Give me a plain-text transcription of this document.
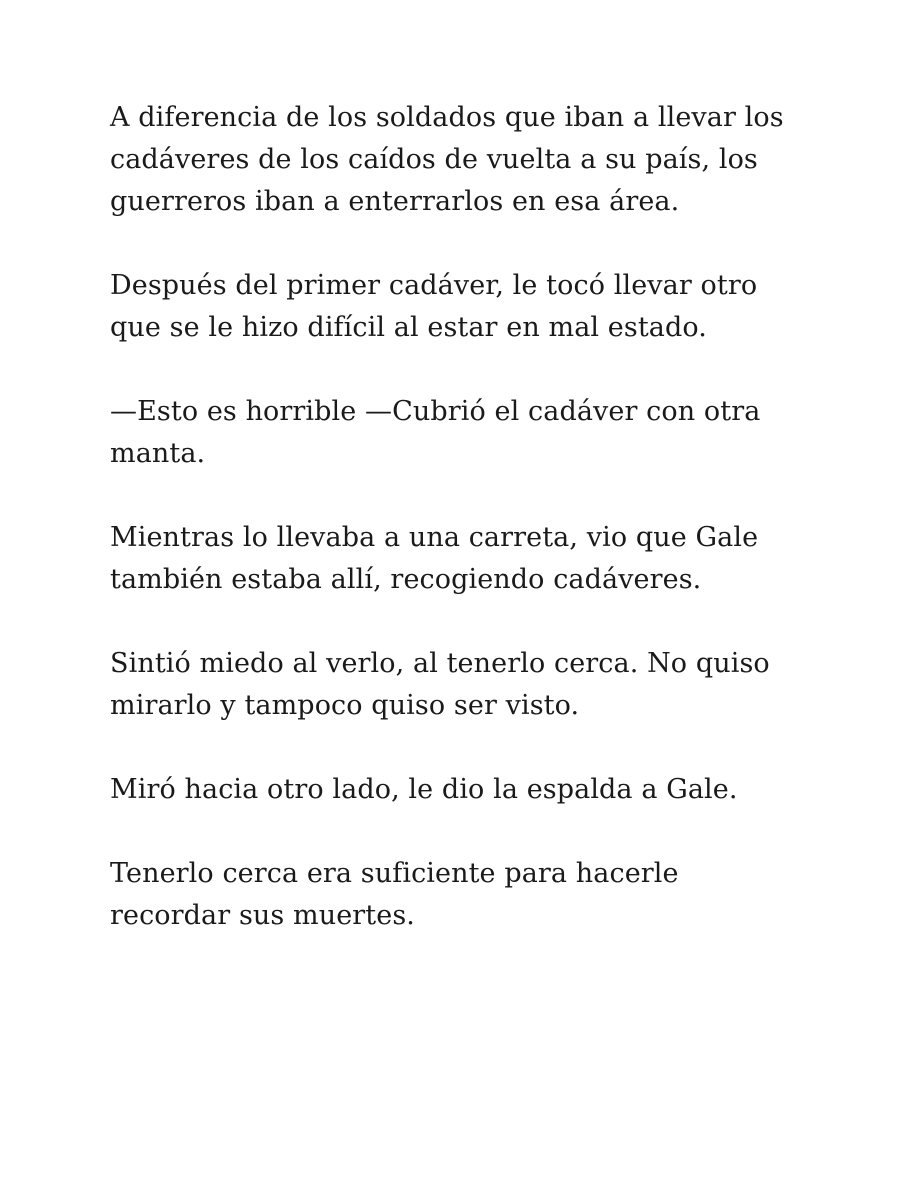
A diferencia de los soldados que iban a llevar los
cadáveres de los caídos de vuelta a su país, los
guerreros iban a enterrarlos en esa área.

Después del primer cadáver, le tocó llevar otro
que se le hizo difícil al estar en mal estado.

—Esto es horrible —Cubrió el cadáver con otra
manta.

Mientras lo llevaba a una carreta, vio que Gale
también estaba allí, recogiendo cadáveres.

Sintió miedo al verlo, al tenerlo cerca. No quiso
mirarlo y tampoco quiso ser visto.

Miró hacia otro lado, le dio la espalda a Gale.

Tenerlo cerca era suficiente para hacerle
recordar sus muertes.
